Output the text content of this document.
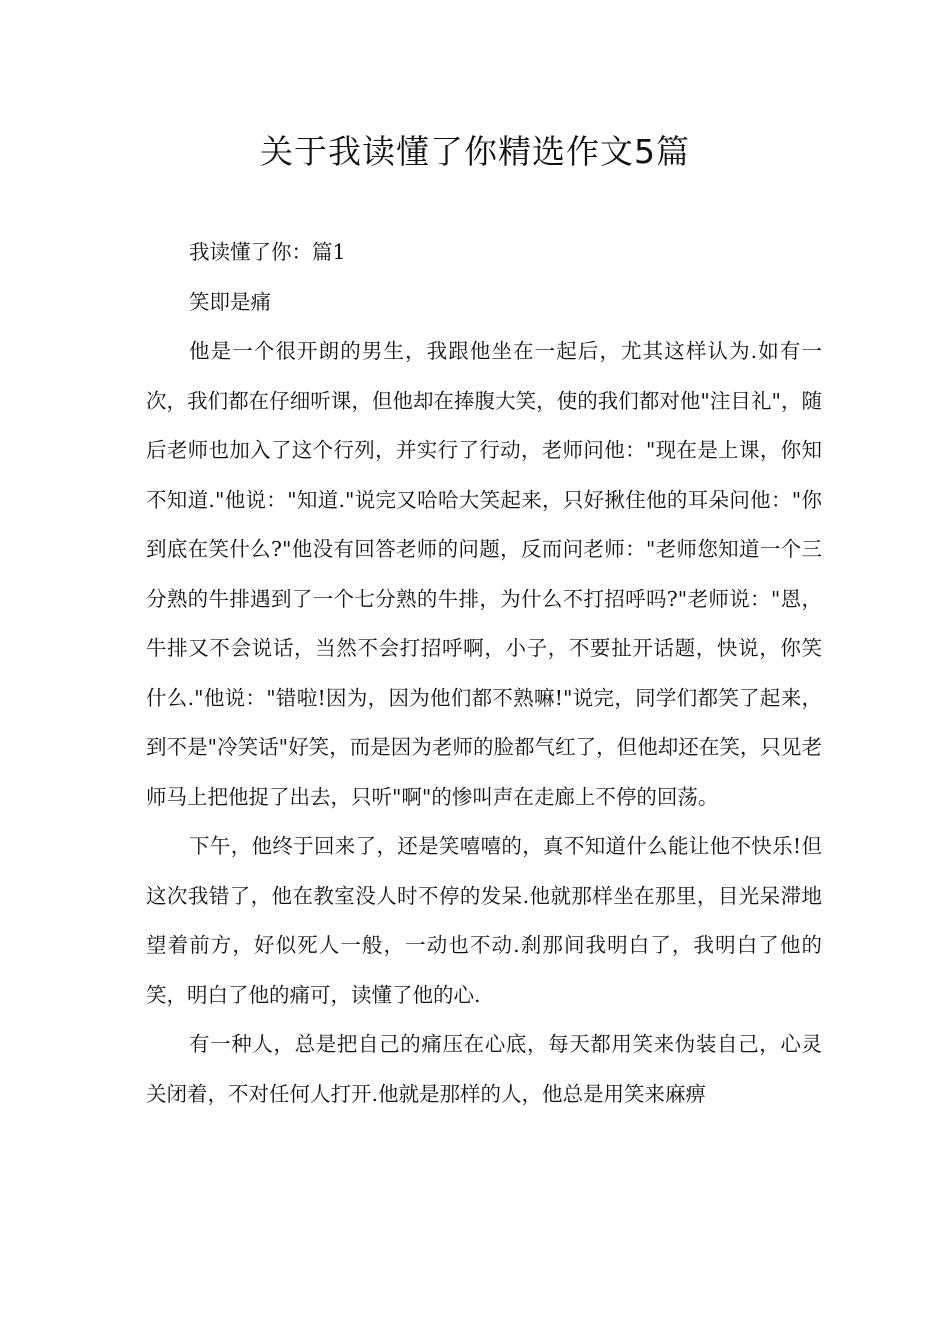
关于我读懂了你精选作文5篇

我读懂了你：篇1

笑即是痛

他是一个很开朗的男生，我跟他坐在一起后，尤其这样认为.如有一次，我们都在仔细听课，但他却在捧腹大笑，使的我们都对他"注目礼"，随后老师也加入了这个行列，并实行了行动，老师问他："现在是上课，你知不知道."他说："知道."说完又哈哈大笑起来，只好揪住他的耳朵问他："你到底在笑什么?"他没有回答老师的问题，反而问老师："老师您知道一个三分熟的牛排遇到了一个七分熟的牛排，为什么不打招呼吗?"老师说："恩，牛排又不会说话，当然不会打招呼啊，小子，不要扯开话题，快说，你笑什么."他说："错啦!因为，因为他们都不熟嘛!"说完，同学们都笑了起来，到不是"冷笑话"好笑，而是因为老师的脸都气红了，但他却还在笑，只见老师马上把他捉了出去，只听"啊"的惨叫声在走廊上不停的回荡。

下午，他终于回来了，还是笑嘻嘻的，真不知道什么能让他不快乐!但这次我错了，他在教室没人时不停的发呆.他就那样坐在那里，目光呆滞地望着前方，好似死人一般，一动也不动.刹那间我明白了，我明白了他的笑，明白了他的痛可，读懂了他的心.

有一种人，总是把自己的痛压在心底，每天都用笑来伪装自己，心灵关闭着，不对任何人打开.他就是那样的人，他总是用笑来麻痹
